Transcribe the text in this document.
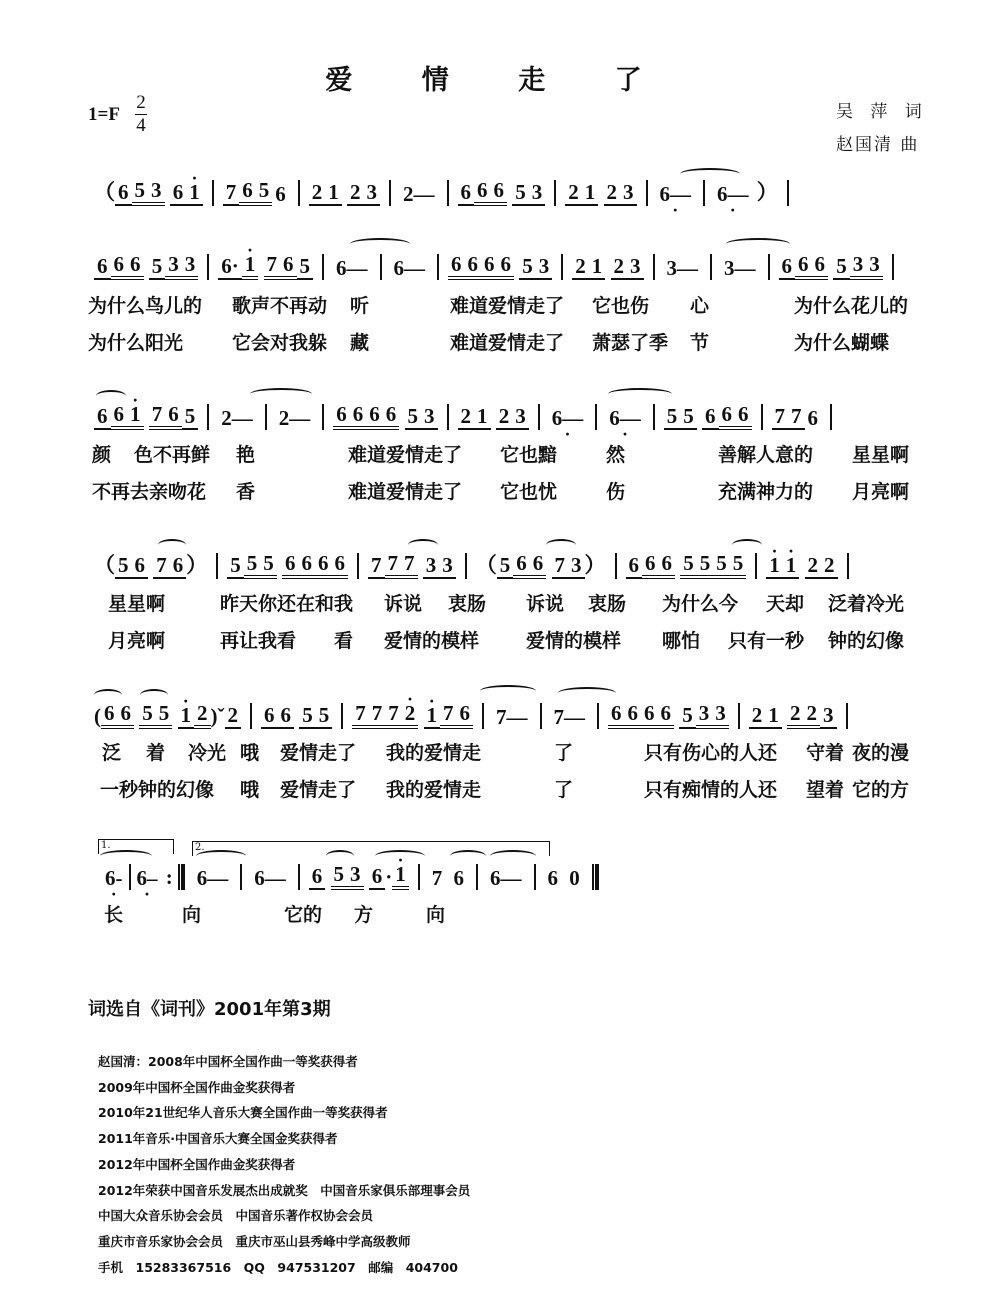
爱 情 走 了
1=F
2
4
吴 萍 词
赵国清 曲
（ 6 5 3
6 · 1 7 6 5 6 2 1
2 3 2— 6 6 6
5 3 2 1
2 3 6— · 6— · ）
6 6 6
5 3 3 6· · 1
7 6 5 6— 6— 6 6 6 6
5 3 2 1
2 3 3— 3— 6 6 6
5 3 3
为什么鸟儿的 歌声不再动 听	难道爱情走了 它也伤 心	为什么花儿的
为什么阳光	它会对我躲 藏	难道爱情走了 萧瑟了季 节	为什么蝴蝶
6 6 · 1
7 6 5 2— 2— 6 6 6 6
5 3 2 1
2 3 6— · 6— · 5 5
6 6 6 7 7 6
颜 色不再鲜 艳	难道爱情走了 它也黯	然	善解人意的 星星啊
不再去亲吻花 香	难道爱情走了 它也忧	伤	充满神力的 月亮啊
（ 5 6
7 6 ） 5 5 5
6 6 6 6 7 7 7
3 3 （ 5 6 6
7 3 ） 6 6 6
5 5 5 5 · 1 · 1
2 2
星星啊	昨天你还在和我 诉说 衷肠 诉说 衷肠 为什么今 天却 泛着冷光
月亮啊	再让我看 看 爱情的模样 爱情的模样 哪怕 只有一秒 钟的幻像
( 6 6
5 5
· 1 2 )ˇ 2 6 6
5 5 7 7 7 · 2
· 1 7 6 7— 7— 6 6 6 6
5 3 3 2 1
2 2 3
泛 着 冷光 哦 爱情走了 我的爱情走	了	只有伤心的人还 守着 夜的漫
一秒钟的幻像 哦 爱情走了 我的爱情走	了	只有痴情的人还 望着 它的方
1.	2.
6- · 6– · : 6— 6— 6
5 3
6 · · 1 7
6 6— 6
0
长	向	它的 方	向
词选自《词刊》2001年第3期
赵国清：2008年中国杯全国作曲一等奖获得者
2009年中国杯全国作曲金奖获得者
2010年21世纪华人音乐大赛全国作曲一等奖获得者
2011年音乐·中国音乐大赛全国金奖获得者
2012年中国杯全国作曲金奖获得者
2012年荣获中国音乐发展杰出成就奖　中国音乐家俱乐部理事会员
中国大众音乐协会会员　中国音乐著作权协会会员
重庆市音乐家协会会员　重庆市巫山县秀峰中学高级教师
手机　15283367516　QQ　947531207　邮编　404700
